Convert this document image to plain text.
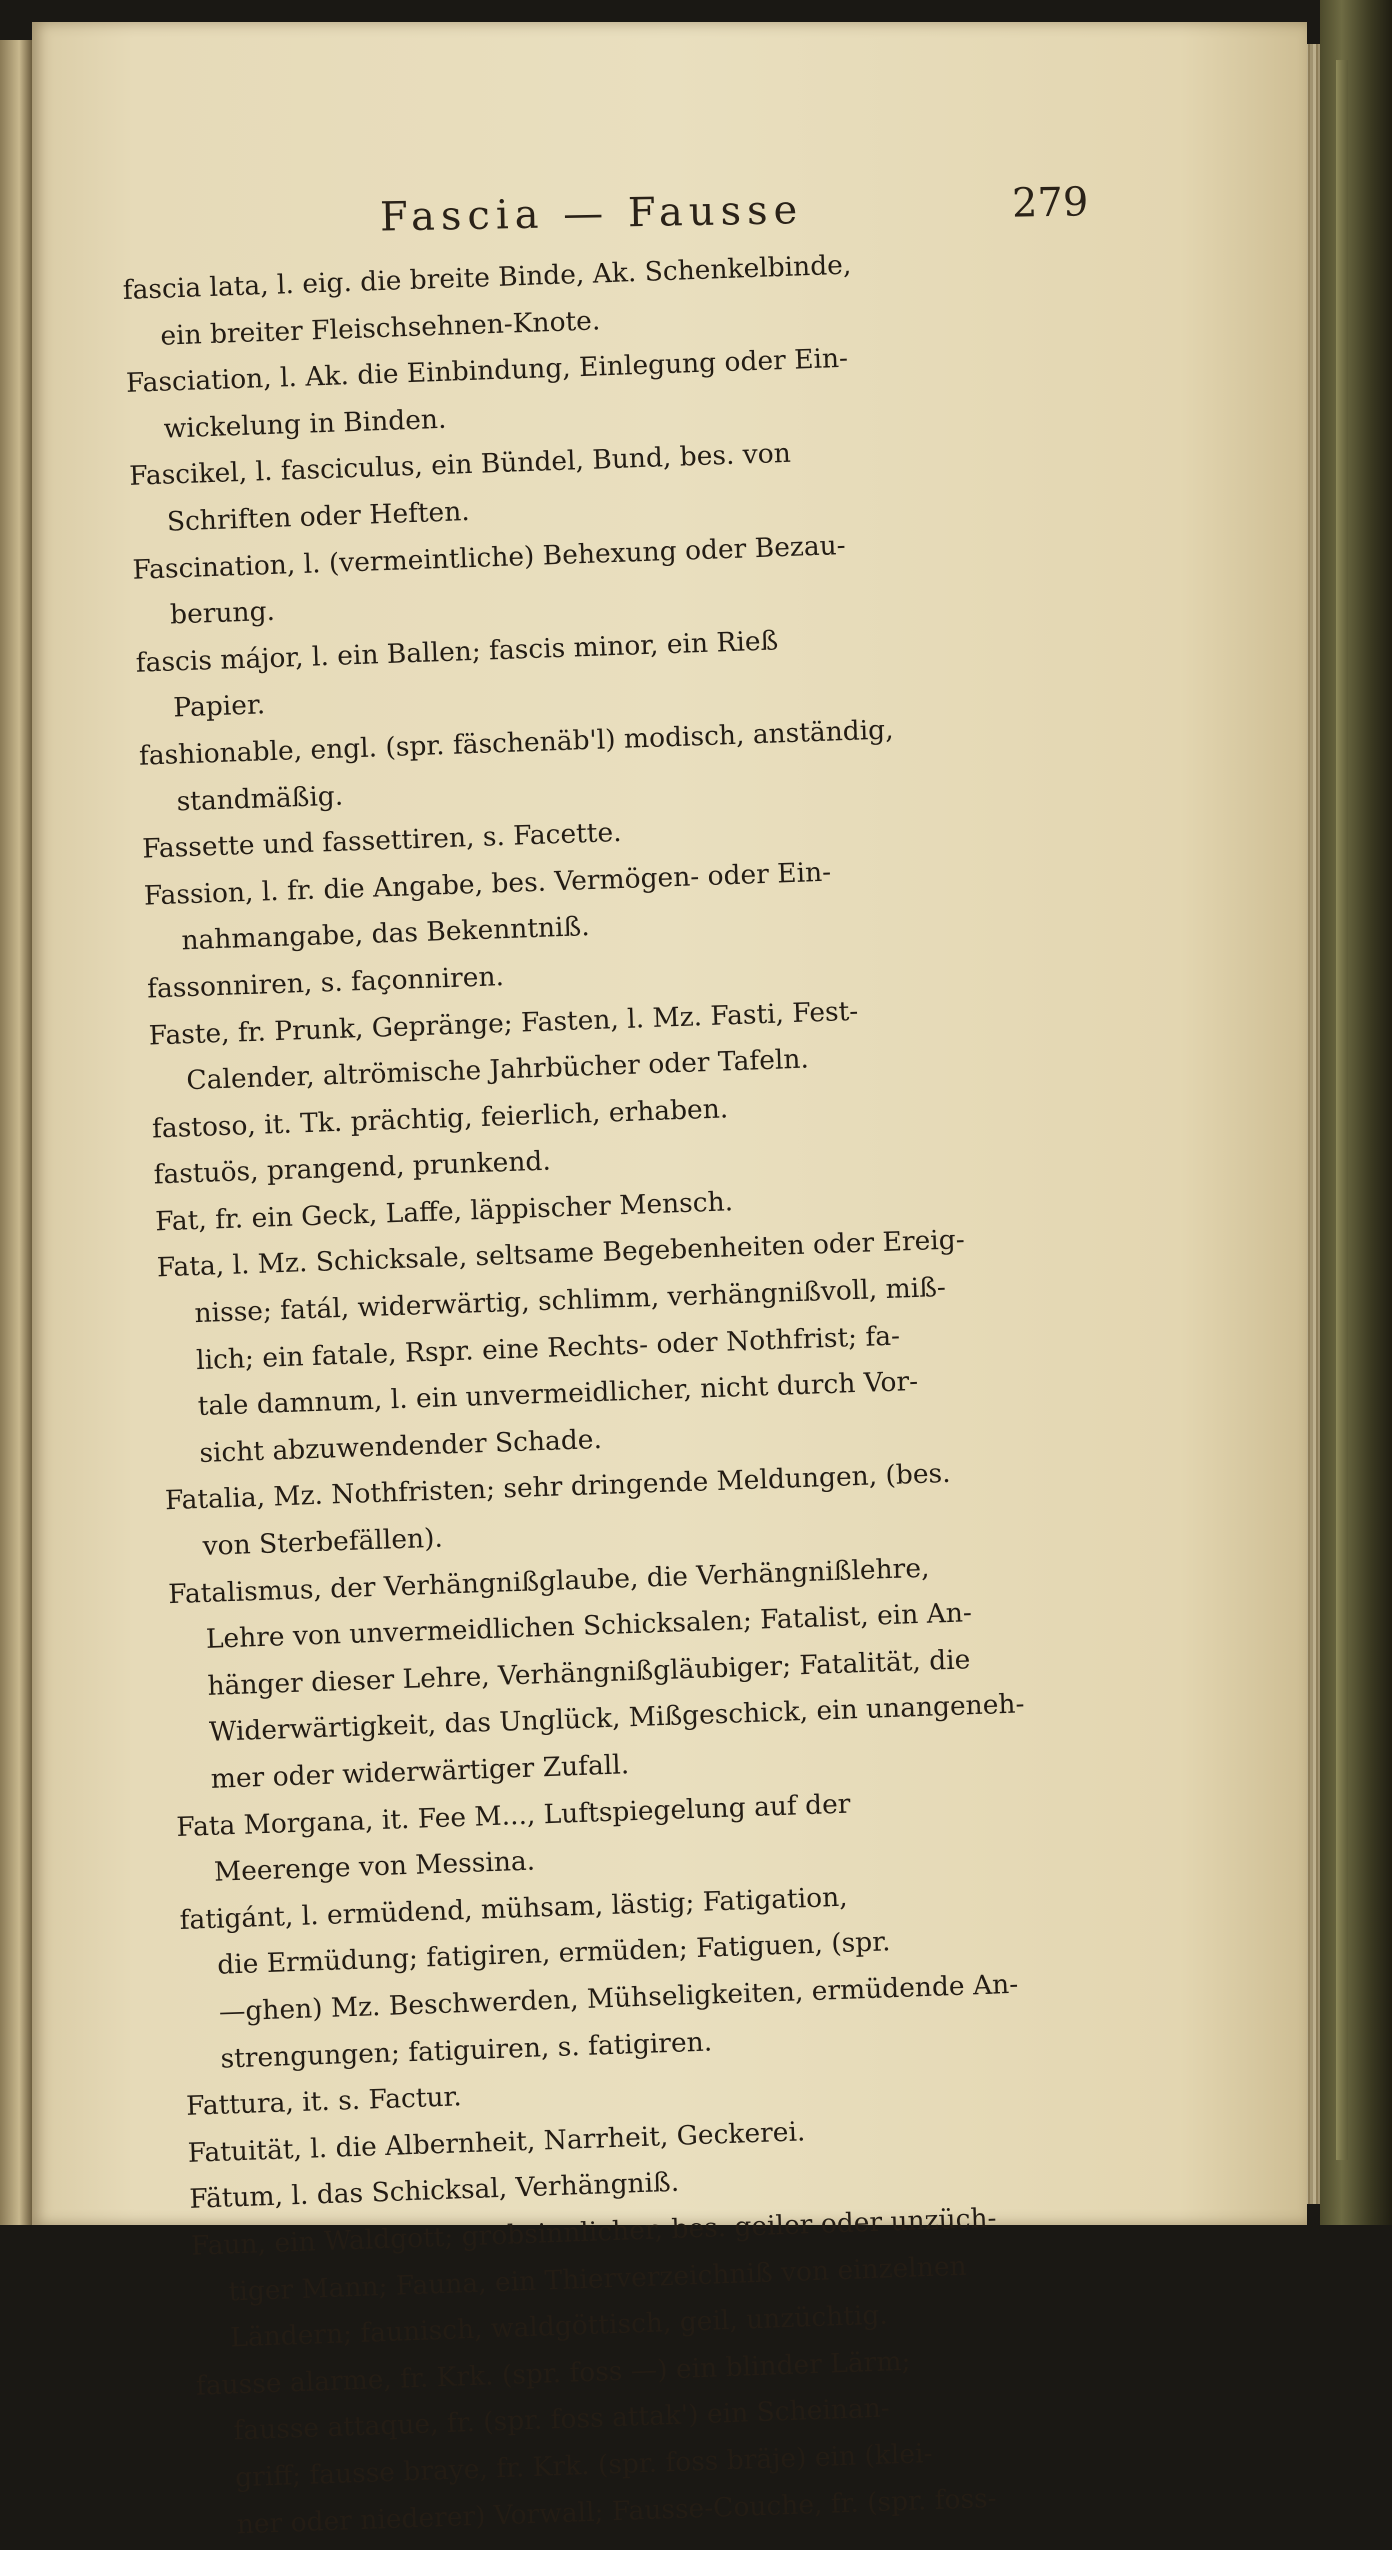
Fascia — Fausse	279

fascia lata, l. eig. die breite Binde, Ak. Schenkelbinde,

ein breiter Fleischsehnen-Knote.

Fasciation, l. Ak. die Einbindung, Einlegung oder Ein-

wickelung in Binden.

Fascikel, l. fasciculus, ein Bündel, Bund, bes. von

Schriften oder Heften.

Fascination, l. (vermeintliche) Behexung oder Bezau-

berung.

fascis májor, l. ein Ballen; fascis minor, ein Rieß

Papier.

fashionable, engl. (spr. fäschenäb'l) modisch, anständig,

standmäßig.

Fassette und fassettiren, s. Facette.

Fassion, l. fr. die Angabe, bes. Vermögen- oder Ein-

nahmangabe, das Bekenntniß.

fassonniren, s. façonniren.

Faste, fr. Prunk, Gepränge; Fasten, l. Mz. Fasti, Fest-

Calender, altrömische Jahrbücher oder Tafeln.

fastoso, it. Tk. prächtig, feierlich, erhaben.

fastuös, prangend, prunkend.

Fat, fr. ein Geck, Laffe, läppischer Mensch.

Fata, l. Mz. Schicksale, seltsame Begebenheiten oder Ereig-

nisse; fatál, widerwärtig, schlimm, verhängnißvoll, miß-

lich; ein fatale, Rspr. eine Rechts- oder Nothfrist; fa-

tale damnum, l. ein unvermeidlicher, nicht durch Vor-

sicht abzuwendender Schade.

Fatalia, Mz. Nothfristen; sehr dringende Meldungen, (bes.

von Sterbefällen).

Fatalismus, der Verhängnißglaube, die Verhängnißlehre,

Lehre von unvermeidlichen Schicksalen; Fatalist, ein An-

hänger dieser Lehre, Verhängnißgläubiger; Fatalität, die

Widerwärtigkeit, das Unglück, Mißgeschick, ein unangeneh-

mer oder widerwärtiger Zufall.

Fata Morgana, it. Fee M..., Luftspiegelung auf der

Meerenge von Messina.

fatigánt, l. ermüdend, mühsam, lästig; Fatigation,

die Ermüdung; fatigiren, ermüden; Fatiguen, (spr.

—ghen) Mz. Beschwerden, Mühseligkeiten, ermüdende An-

strengungen; fatiguiren, s. fatigiren.

Fattura, it. s. Factur.

Fatuität, l. die Albernheit, Narrheit, Geckerei.

Fätum, l. das Schicksal, Verhängniß.

Faun, ein Waldgott; grobsinnlicher, bes. geiler oder unzüch-

tiger Mann; Fauna, ein Thierverzeichniß von einzelnen

Ländern; faunisch, waldgöttisch, geil, unzüchtig.

fausse alarme, fr. Krk. (spr. foss —) ein blinder Lärm;

fausse attaque, fr. (spr. foss attak') ein Scheinan-

griff; fausse braye, fr. Krk. (spr. foss bräje) ein (klei-

ner oder niederer) Vorwall; Fausse-Couche, fr. (spr. foss-
